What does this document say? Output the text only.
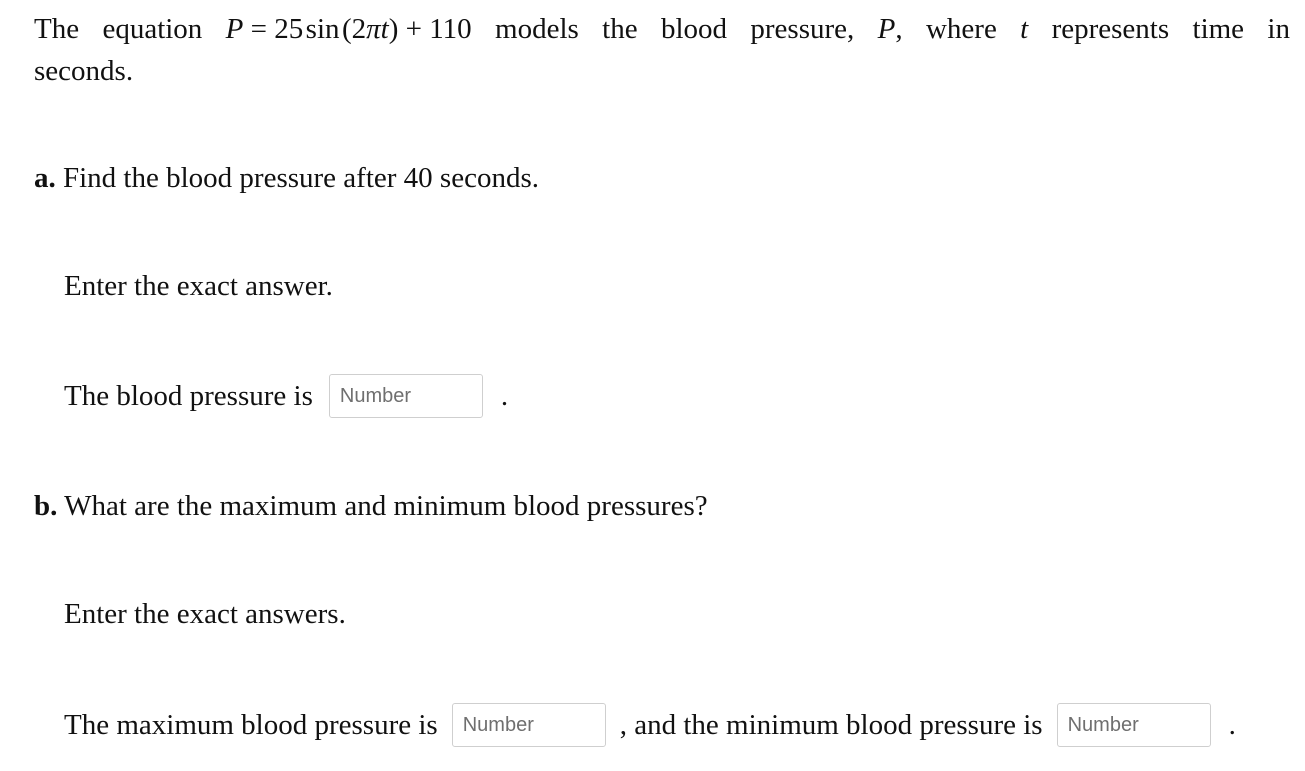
The equation P = 25 sin (2πt) + 110 models the blood pressure, P, where t represents time in
seconds.
a. Find the blood pressure after 40 seconds.
Enter the exact answer.
The blood pressure is
Number	.
b. What are the maximum and minimum blood pressures?
Enter the exact answers.
The maximum blood pressure is
Number	, and the minimum blood pressure is
Number	.
